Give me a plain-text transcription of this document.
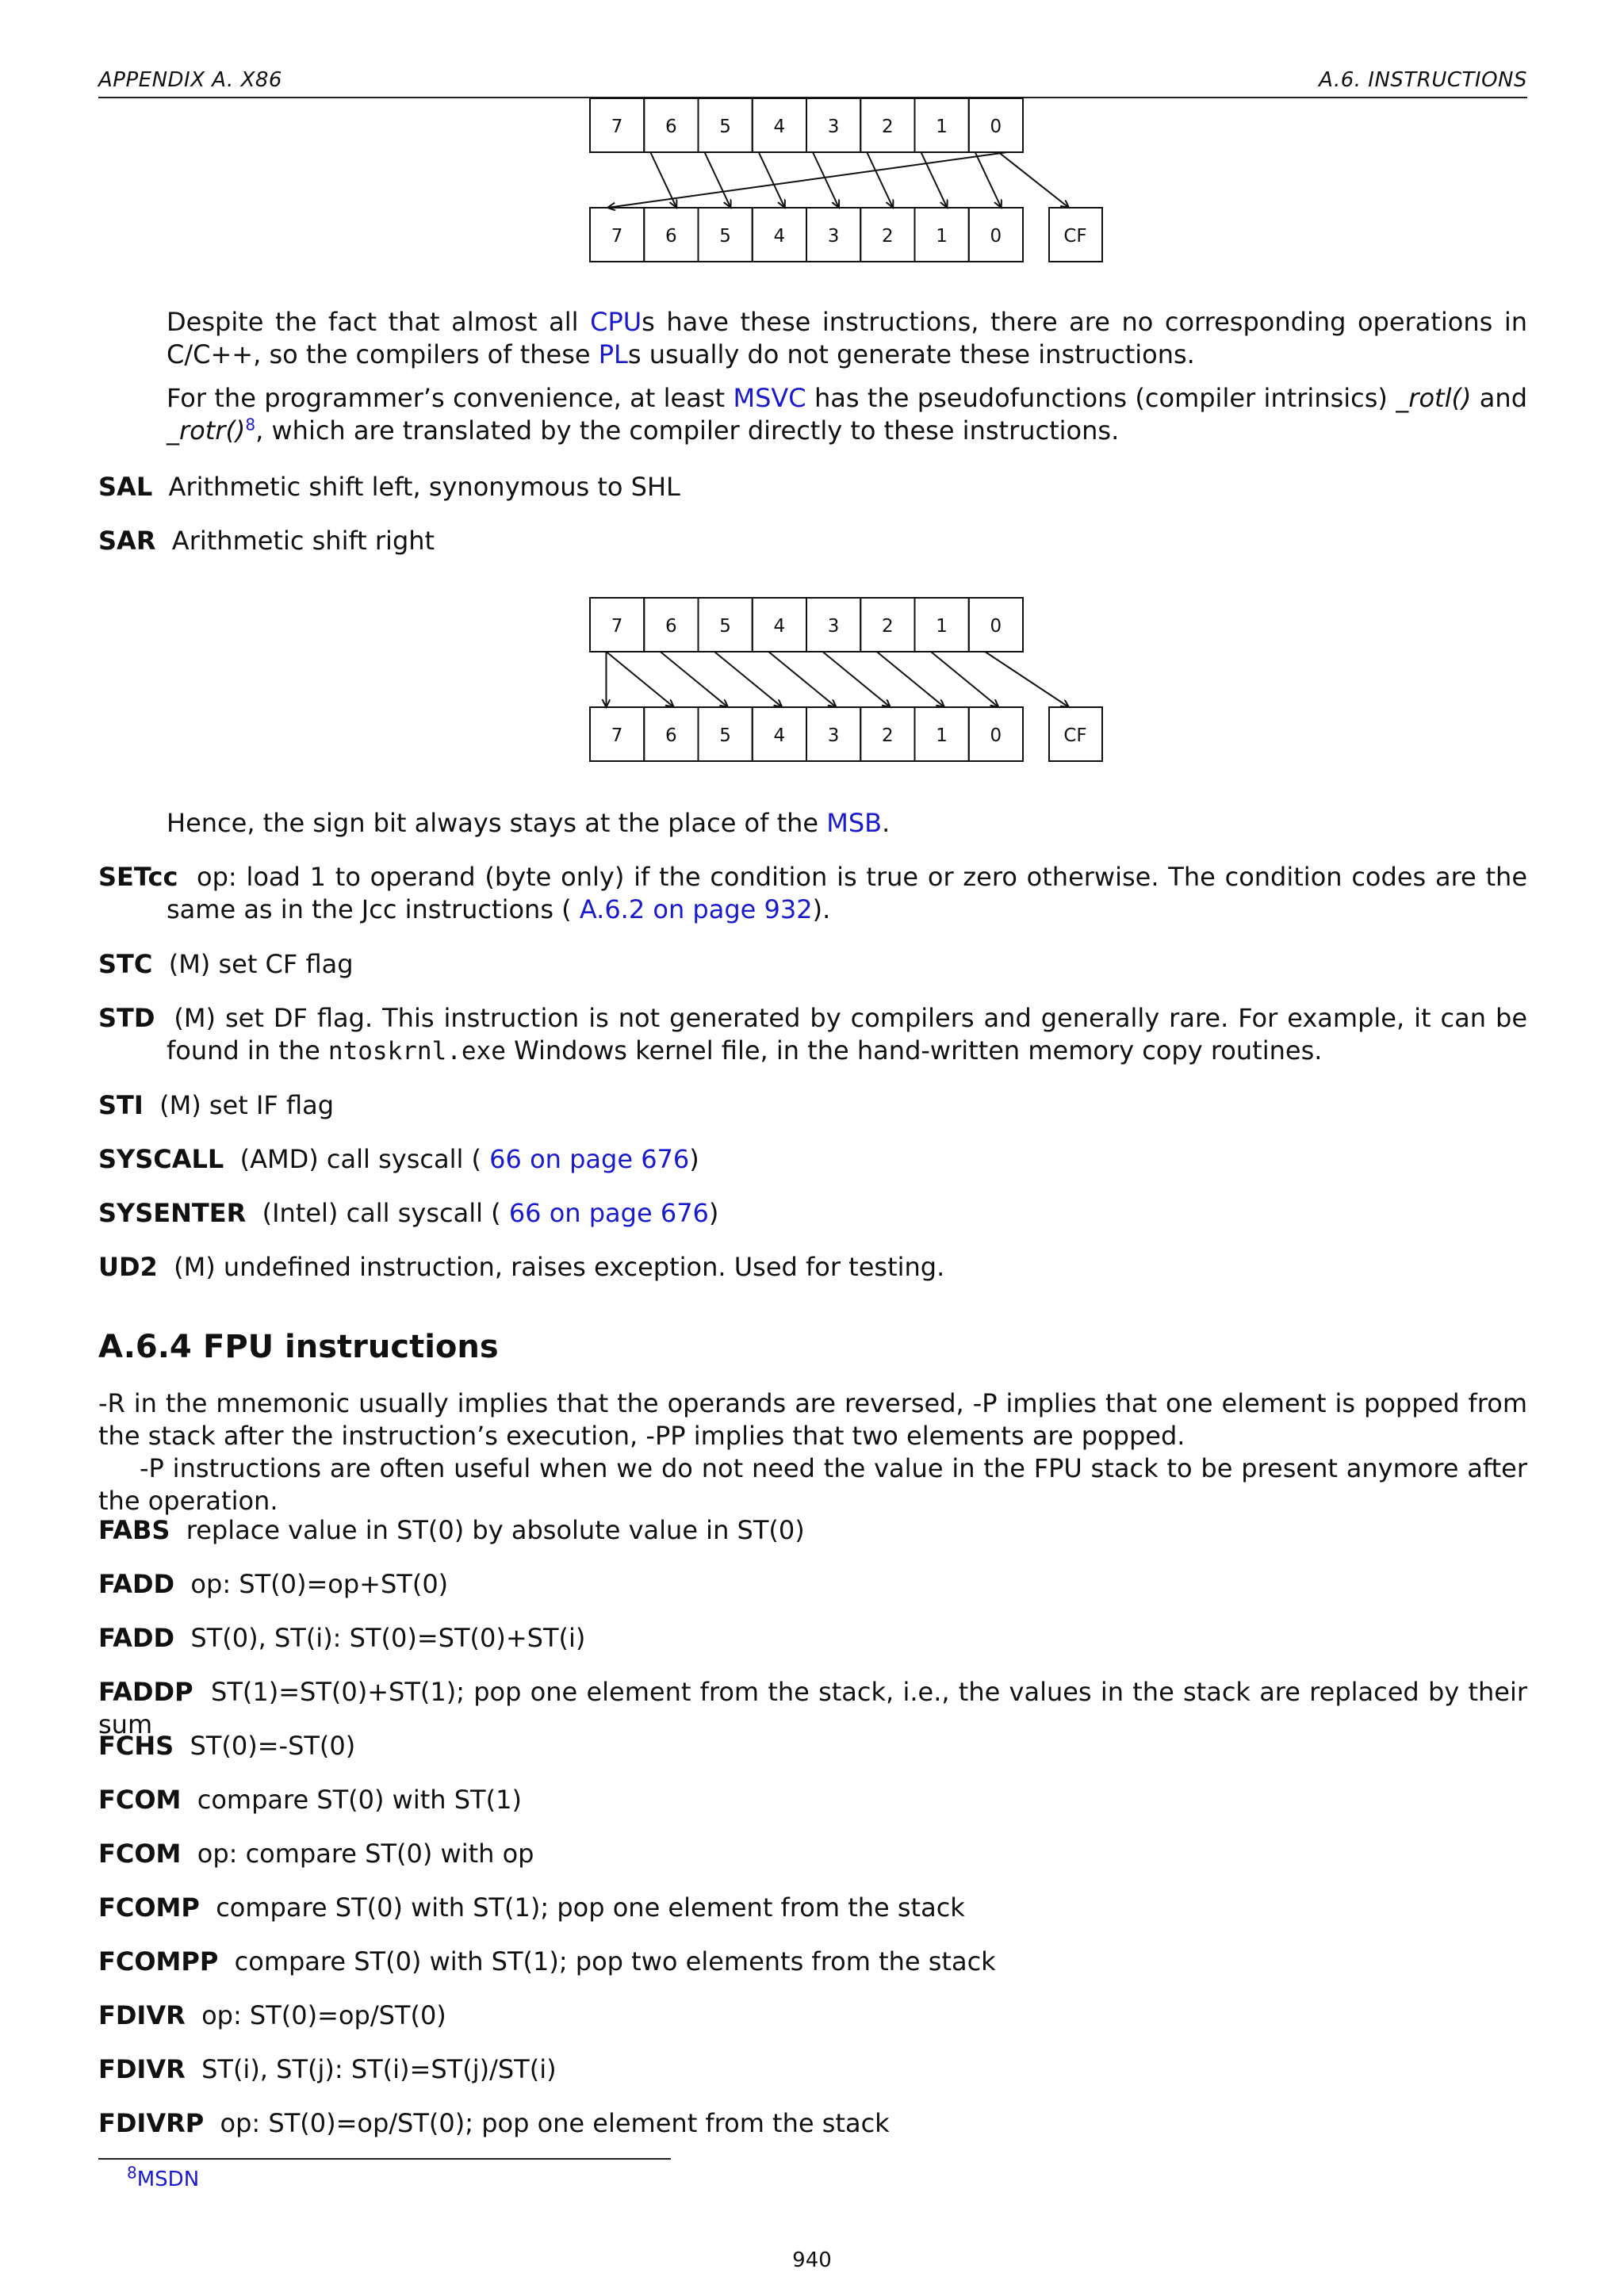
APPENDIX A. X86	A.6. INSTRUCTIONS
7 6 5 4 3 2 1 0
7 6 5 4 3 2 1 0	CF
Despite the fact that almost all CPUs have these instructions, there are no corresponding operations in C/C++, so the compilers of these PLs usually do not generate these instructions.
For the programmer’s convenience, at least MSVC has the pseudofunctions (compiler intrinsics) _rotl() and _rotr()$^8$, which are translated by the compiler directly to these instructions.
SAL Arithmetic shift left, synonymous to SHL
SAR Arithmetic shift right
7 6 5 4 3 2 1 0
7 6 5 4 3 2 1 0	CF
Hence, the sign bit always stays at the place of the MSB.
SETcc op: load 1 to operand (byte only) if the condition is true or zero otherwise. The condition codes are the same as in the Jcc instructions ( A.6.2 on page 932).
STC (M) set CF flag
STD (M) set DF flag. This instruction is not generated by compilers and generally rare. For example, it can be found in the ntoskrnl.exe Windows kernel file, in the hand-written memory copy routines.
STI (M) set IF flag
SYSCALL (AMD) call syscall ( 66 on page 676)
SYSENTER (Intel) call syscall ( 66 on page 676)
UD2 (M) undefined instruction, raises exception. Used for testing.
A.6.4 FPU instructions

-R in the mnemonic usually implies that the operands are reversed, -P implies that one element is popped from the stack after the instruction’s execution, -PP implies that two elements are popped.

-P instructions are often useful when we do not need the value in the FPU stack to be present anymore after the operation.

FABS replace value in ST(0) by absolute value in ST(0)
FADD op: ST(0)=op+ST(0)
FADD ST(0), ST(i): ST(0)=ST(0)+ST(i)
FADDP ST(1)=ST(0)+ST(1); pop one element from the stack, i.e., the values in the stack are replaced by their sum
FCHS ST(0)=-ST(0)
FCOM compare ST(0) with ST(1)
FCOM op: compare ST(0) with op
FCOMP compare ST(0) with ST(1); pop one element from the stack
FCOMPP compare ST(0) with ST(1); pop two elements from the stack
FDIVR op: ST(0)=op/ST(0)
FDIVR ST(i), ST(j): ST(i)=ST(j)/ST(i)
FDIVRP op: ST(0)=op/ST(0); pop one element from the stack
$^8$MSDN
940
